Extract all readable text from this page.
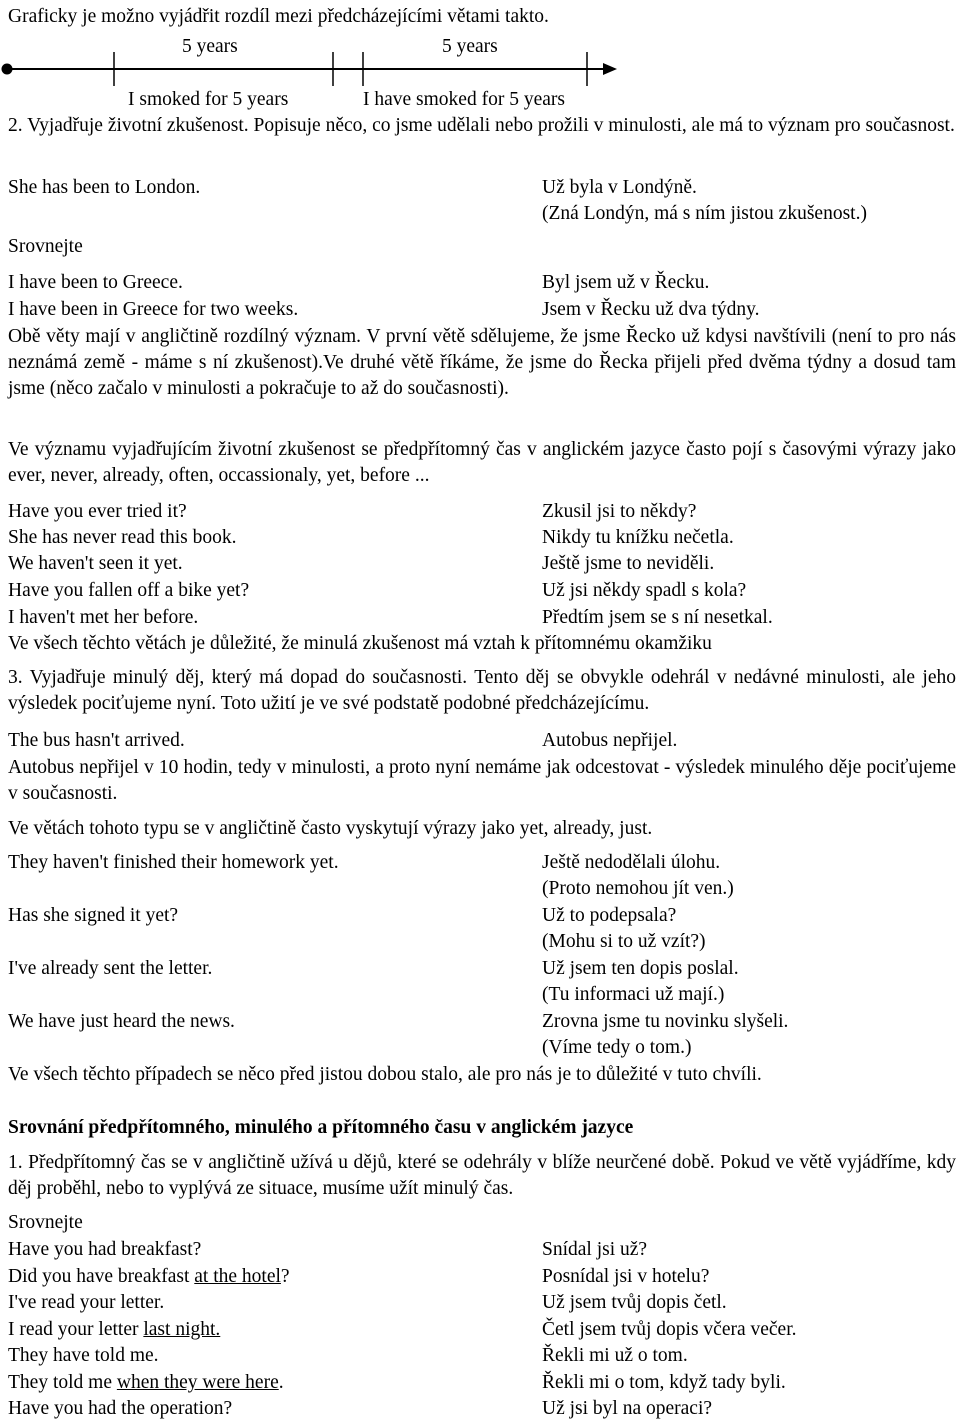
Graficky je možno vyjádřit rozdíl mezi předcházejícími větami takto.
5 years	5 years
I smoked for 5 years	I have smoked for 5 years
2. Vyjadřuje životní zkušenost. Popisuje něco, co jsme udělali nebo prožili v minulosti, ale má to význam pro současnost.
She has been to London.	Už byla v Londýně.
(Zná Londýn, má s ním jistou zkušenost.)
Srovnejte
I have been to Greece.	Byl jsem už v Řecku.
I have been in Greece for two weeks.	Jsem v Řecku už dva týdny.
Obě věty mají v angličtině rozdílný význam. V první větě sdělujeme, že jsme Řecko už kdysi navštívili (není to pro nás neznámá země - máme s ní zkušenost).Ve druhé větě říkáme, že jsme do Řecka přijeli před dvěma týdny a dosud tam jsme (něco začalo v minulosti a pokračuje to až do současnosti).
Ve významu vyjadřujícím životní zkušenost se předpřítomný čas v anglickém jazyce často pojí s časovými výrazy jako ever, never, already, often, occassionaly, yet, before ...
Have you ever tried it?	Zkusil jsi to někdy?
She has never read this book.	Nikdy tu knížku nečetla.
We haven't seen it yet.	Ještě jsme to neviděli.
Have you fallen off a bike yet?	Už jsi někdy spadl s kola?
I haven't met her before.	Předtím jsem se s ní nesetkal.
Ve všech těchto větách je důležité, že minulá zkušenost má vztah k přítomnému okamžiku
3. Vyjadřuje minulý děj, který má dopad do současnosti. Tento děj se obvykle odehrál v nedávné minulosti, ale jeho výsledek pociťujeme nyní. Toto užití je ve své podstatě podobné předcházejícímu.
The bus hasn't arrived.	Autobus nepřijel.
Autobus nepřijel v 10 hodin, tedy v minulosti, a proto nyní nemáme jak odcestovat - výsledek minulého děje pociťujeme v současnosti.
Ve větách tohoto typu se v angličtině často vyskytují výrazy jako yet, already, just.
They haven't finished their homework yet.	Ještě nedodělali úlohu.
(Proto nemohou jít ven.)
Has she signed it yet?	Už to podepsala?
(Mohu si to už vzít?)
I've already sent the letter.	Už jsem ten dopis poslal.
(Tu informaci už mají.)
We have just heard the news.	Zrovna jsme tu novinku slyšeli.
(Víme tedy o tom.)
Ve všech těchto případech se něco před jistou dobou stalo, ale pro nás je to důležité v tuto chvíli.
Srovnání předpřítomného, minulého a přítomného času v anglickém jazyce
1. Předpřítomný čas se v angličtině užívá u dějů, které se odehrály v blíže neurčené době. Pokud ve větě vyjádříme, kdy děj proběhl, nebo to vyplývá ze situace, musíme užít minulý čas.
Srovnejte
Have you had breakfast?	Snídal jsi už?
Did you have breakfast at the hotel?	Posnídal jsi v hotelu?
I've read your letter.	Už jsem tvůj dopis četl.
I read your letter last night.	Četl jsem tvůj dopis včera večer.
They have told me.	Řekli mi už o tom.
They told me when they were here.	Řekli mi o tom, když tady byli.
Have you had the operation?	Už jsi byl na operaci?
